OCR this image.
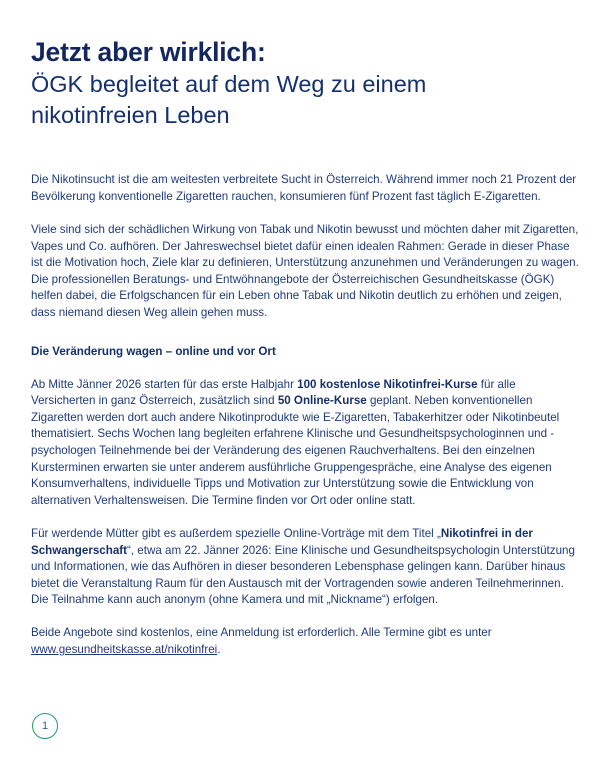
Jetzt aber wirklich:
ÖGK begleitet auf dem Weg zu einem nikotinfreien Leben

Die Nikotinsucht ist die am weitesten verbreitete Sucht in Österreich. Während immer noch 21 Prozent der Bevölkerung konventionelle Zigaretten rauchen, konsumieren fünf Prozent fast täglich E-Zigaretten.

Viele sind sich der schädlichen Wirkung von Tabak und Nikotin bewusst und möchten daher mit Zigaretten, Vapes und Co. aufhören. Der Jahreswechsel bietet dafür einen idealen Rahmen: Gerade in dieser Phase ist die Motivation hoch, Ziele klar zu definieren, Unterstützung anzunehmen und Veränderungen zu wagen. Die professionellen Beratungs- und Entwöhnangebote der Österreichischen Gesundheitskasse (ÖGK) helfen dabei, die Erfolgschancen für ein Leben ohne Tabak und Nikotin deutlich zu erhöhen und zeigen, dass niemand diesen Weg allein gehen muss.

Die Veränderung wagen – online und vor Ort

Ab Mitte Jänner 2026 starten für das erste Halbjahr 100 kostenlose Nikotinfrei-Kurse für alle Versicherten in ganz Österreich, zusätzlich sind 50 Online-Kurse geplant. Neben konventionellen Zigaretten werden dort auch andere Nikotinprodukte wie E-Zigaretten, Tabakerhitzer oder Nikotinbeutel thematisiert. Sechs Wochen lang begleiten erfahrene Klinische und Gesundheitspsychologinnen und -psychologen Teilnehmende bei der Veränderung des eigenen Rauchverhaltens. Bei den einzelnen Kursterminen erwarten sie unter anderem ausführliche Gruppengespräche, eine Analyse des eigenen Konsumverhaltens, individuelle Tipps und Motivation zur Unterstützung sowie die Entwicklung von alternativen Verhaltensweisen. Die Termine finden vor Ort oder online statt.

Für werdende Mütter gibt es außerdem spezielle Online-Vorträge mit dem Titel „Nikotinfrei in der Schwangerschaft“, etwa am 22. Jänner 2026: Eine Klinische und Gesundheitspsychologin Unterstützung und Informationen, wie das Aufhören in dieser besonderen Lebensphase gelingen kann. Darüber hinaus bietet die Veranstaltung Raum für den Austausch mit der Vortragenden sowie anderen Teilnehmerinnen. Die Teilnahme kann auch anonym (ohne Kamera und mit „Nickname“) erfolgen.

Beide Angebote sind kostenlos, eine Anmeldung ist erforderlich. Alle Termine gibt es unter www.gesundheitskasse.at/nikotinfrei.

1
